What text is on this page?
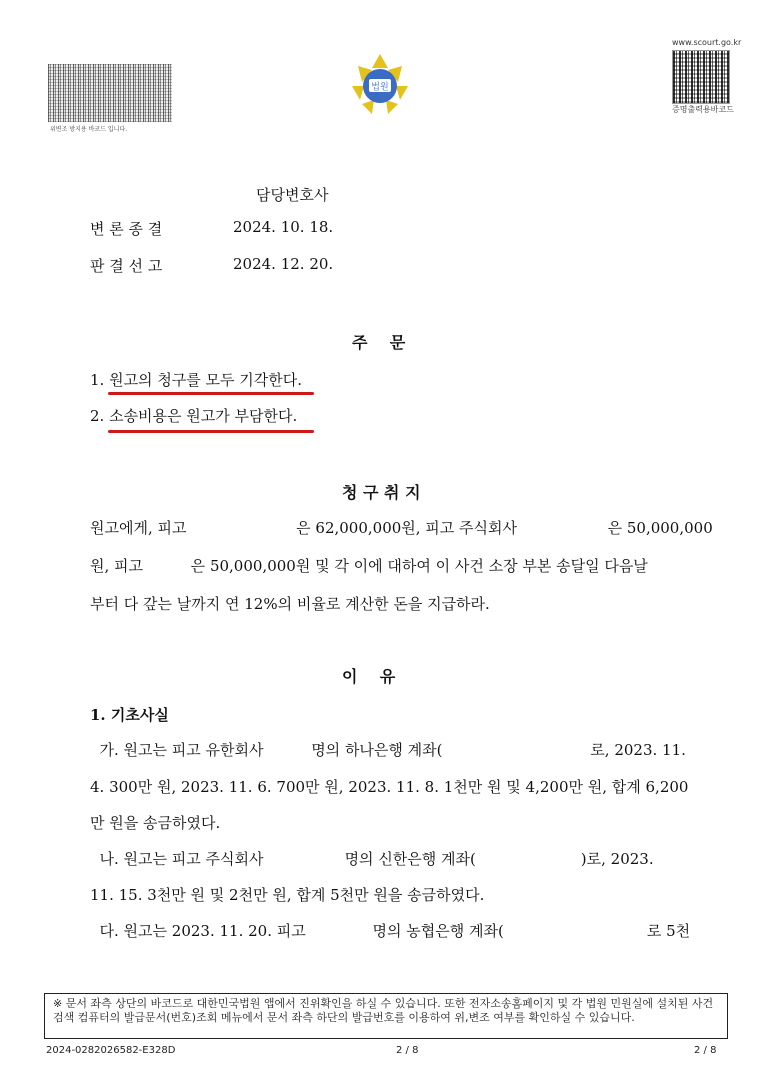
위변조 방지용 바코드 입니다.
법원
www.scourt.go.kr
증명출력용바코드
담당변호사
변 론 종 결	2024. 10. 18.
판 결 선 고	2024. 12. 20.
주    문
1. 원고의 청구를 모두 기각한다.
2. 소송비용은 원고가 부담한다.
청 구 취 지
원고에게, 피고                       은 62,000,000원, 피고 주식회사                   은 50,000,000
원, 피고          은 50,000,000원 및 각 이에 대하여 이 사건 소장 부본 송달일 다음날
부터 다 갚는 날까지 연 12%의 비율로 계산한 돈을 지급하라.
이    유
1. 기초사실
가. 원고는 피고 유한회사          명의 하나은행 계좌(                               로, 2023. 11.
4. 300만 원, 2023. 11. 6. 700만 원, 2023. 11. 8. 1천만 원 및 4,200만 원, 합계 6,200
만 원을 송금하였다.
나. 원고는 피고 주식회사                 명의 신한은행 계좌(                      )로, 2023.
11. 15. 3천만 원 및 2천만 원, 합계 5천만 원을 송금하였다.
다. 원고는 2023. 11. 20. 피고              명의 농협은행 계좌(                              로 5천
※ 문서 좌측 상단의 바코드로 대한민국법원 앱에서 진위확인을 하실 수 있습니다. 또한 전자소송홈페이지 및 각 법원 민원실에 설치된 사건검색 컴퓨터의 발급문서(번호)조회 메뉴에서 문서 좌측 하단의 발급번호를 이용하여 위,변조 여부를 확인하실 수 있습니다.
2024-0282026582-E328D	2 / 8	2 / 8
